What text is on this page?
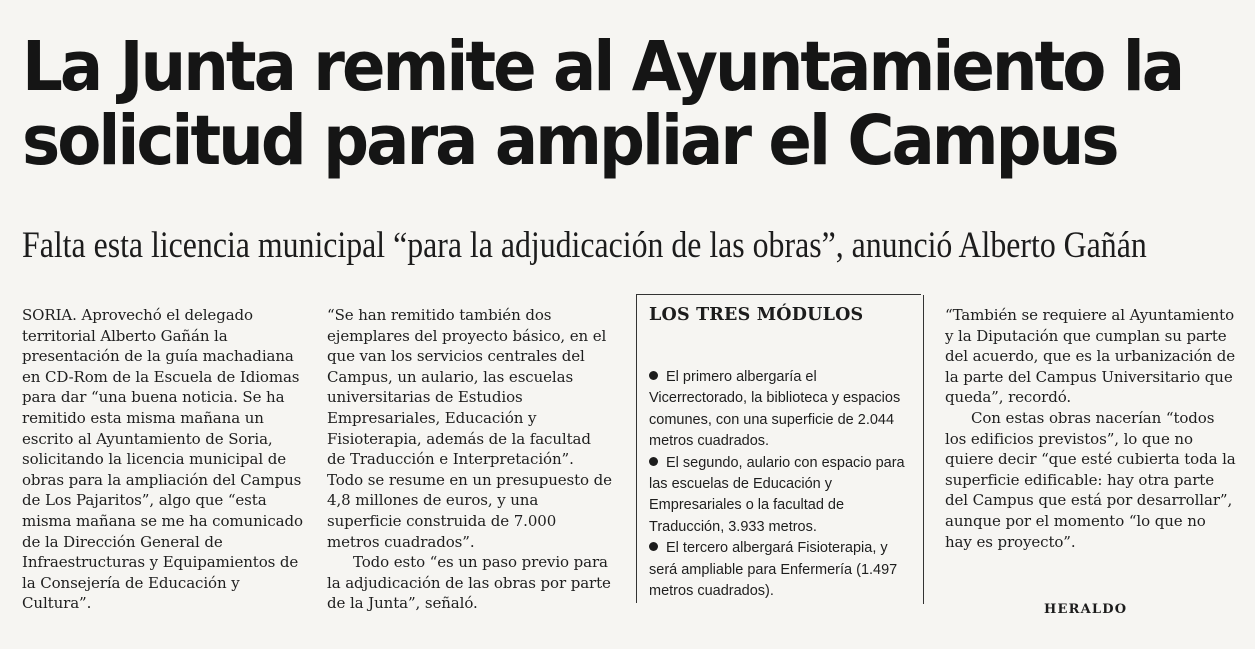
La Junta remite al Ayuntamiento la
solicitud para ampliar el Campus
Falta esta licencia municipal “para la adjudicación de las obras”, anunció Alberto Gañán

SORIA. Aprovechó el delegado territorial Alberto Gañán la presentación de la guía machadiana en CD-Rom de la Escuela de Idiomas para dar “una buena noticia. Se ha remitido esta misma mañana un escrito al Ayuntamiento de Soria, solicitando la licencia municipal de obras para la ampliación del Campus de Los Pajaritos”, algo que “esta misma mañana se me ha comunicado de la Dirección General de Infraestructuras y Equipamientos de la Consejería de Educación y Cultura”.

“Se han remitido también dos ejemplares del proyecto básico, en el que van los servicios centrales del Campus, un aulario, las escuelas universitarias de Estudios Empresariales, Educación y Fisioterapia, además de la facultad de Traducción e Interpretación”. Todo se resume en un presupuesto de 4,8 millones de euros, y una superficie construida de 7.000 metros cuadrados”.

Todo esto “es un paso previo para la adjudicación de las obras por parte de la Junta”, señaló.

LOS TRES MÓDULOS

El primero albergaría el Vicerrectorado, la biblioteca y espacios comunes, con una superficie de 2.044 metros cuadrados.

El segundo, aulario con espacio para las escuelas de Educación y Empresariales o la facultad de Traducción, 3.933 metros.

El tercero albergará Fisioterapia, y será ampliable para Enfermería (1.497 metros cuadrados).

“También se requiere al Ayuntamiento y la Diputación que cumplan su parte del acuerdo, que es la urbanización de la parte del Campus Universitario que queda”, recordó.

Con estas obras nacerían “todos los edificios previstos”, lo que no quiere decir “que esté cubierta toda la superficie edificable: hay otra parte del Campus que está por desarrollar”, aunque por el momento “lo que no hay es proyecto”.

HERALDO
